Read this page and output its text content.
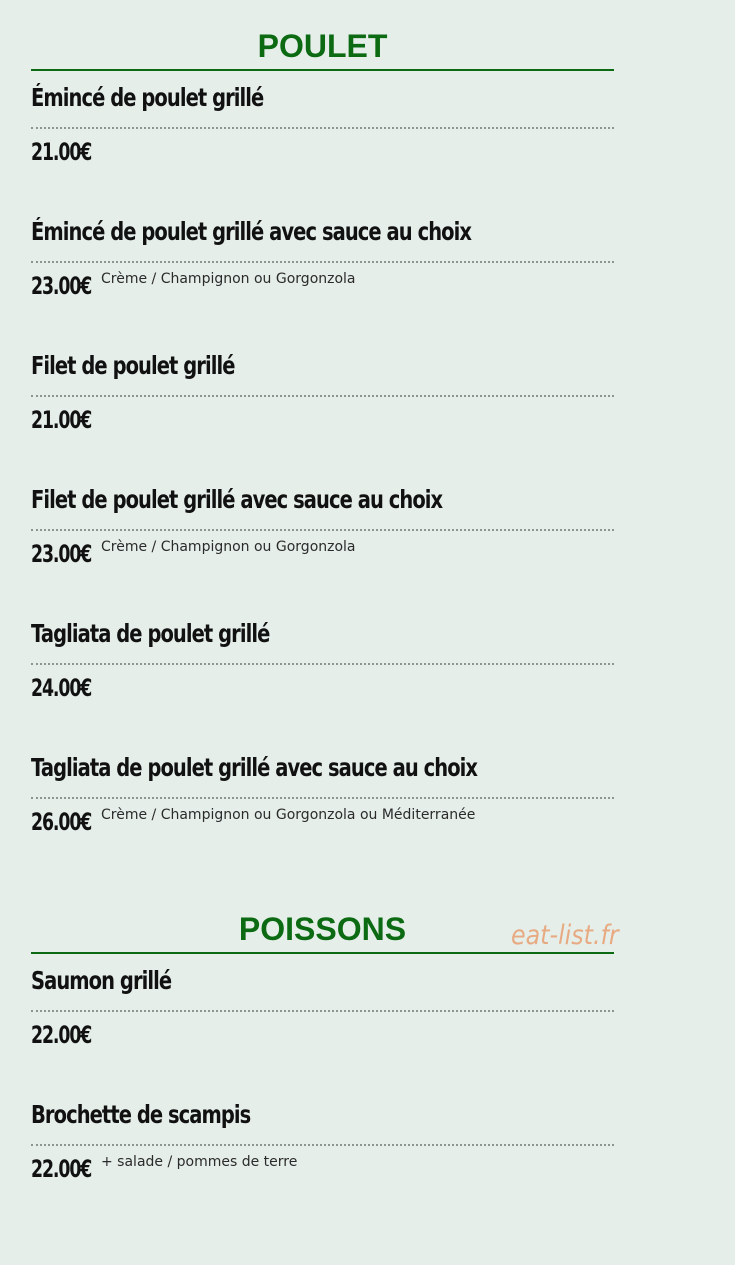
POULET
Émincé de poulet grillé
21.00€
Émincé de poulet grillé avec sauce au choix
23.00€ Crème / Champignon ou Gorgonzola
Filet de poulet grillé
21.00€
Filet de poulet grillé avec sauce au choix
23.00€ Crème / Champignon ou Gorgonzola
Tagliata de poulet grillé
24.00€
Tagliata de poulet grillé avec sauce au choix
26.00€ Crème / Champignon ou Gorgonzola ou Méditerranée
POISSONS
Saumon grillé
22.00€
Brochette de scampis
22.00€ + salade / pommes de terre
eat-list.fr
